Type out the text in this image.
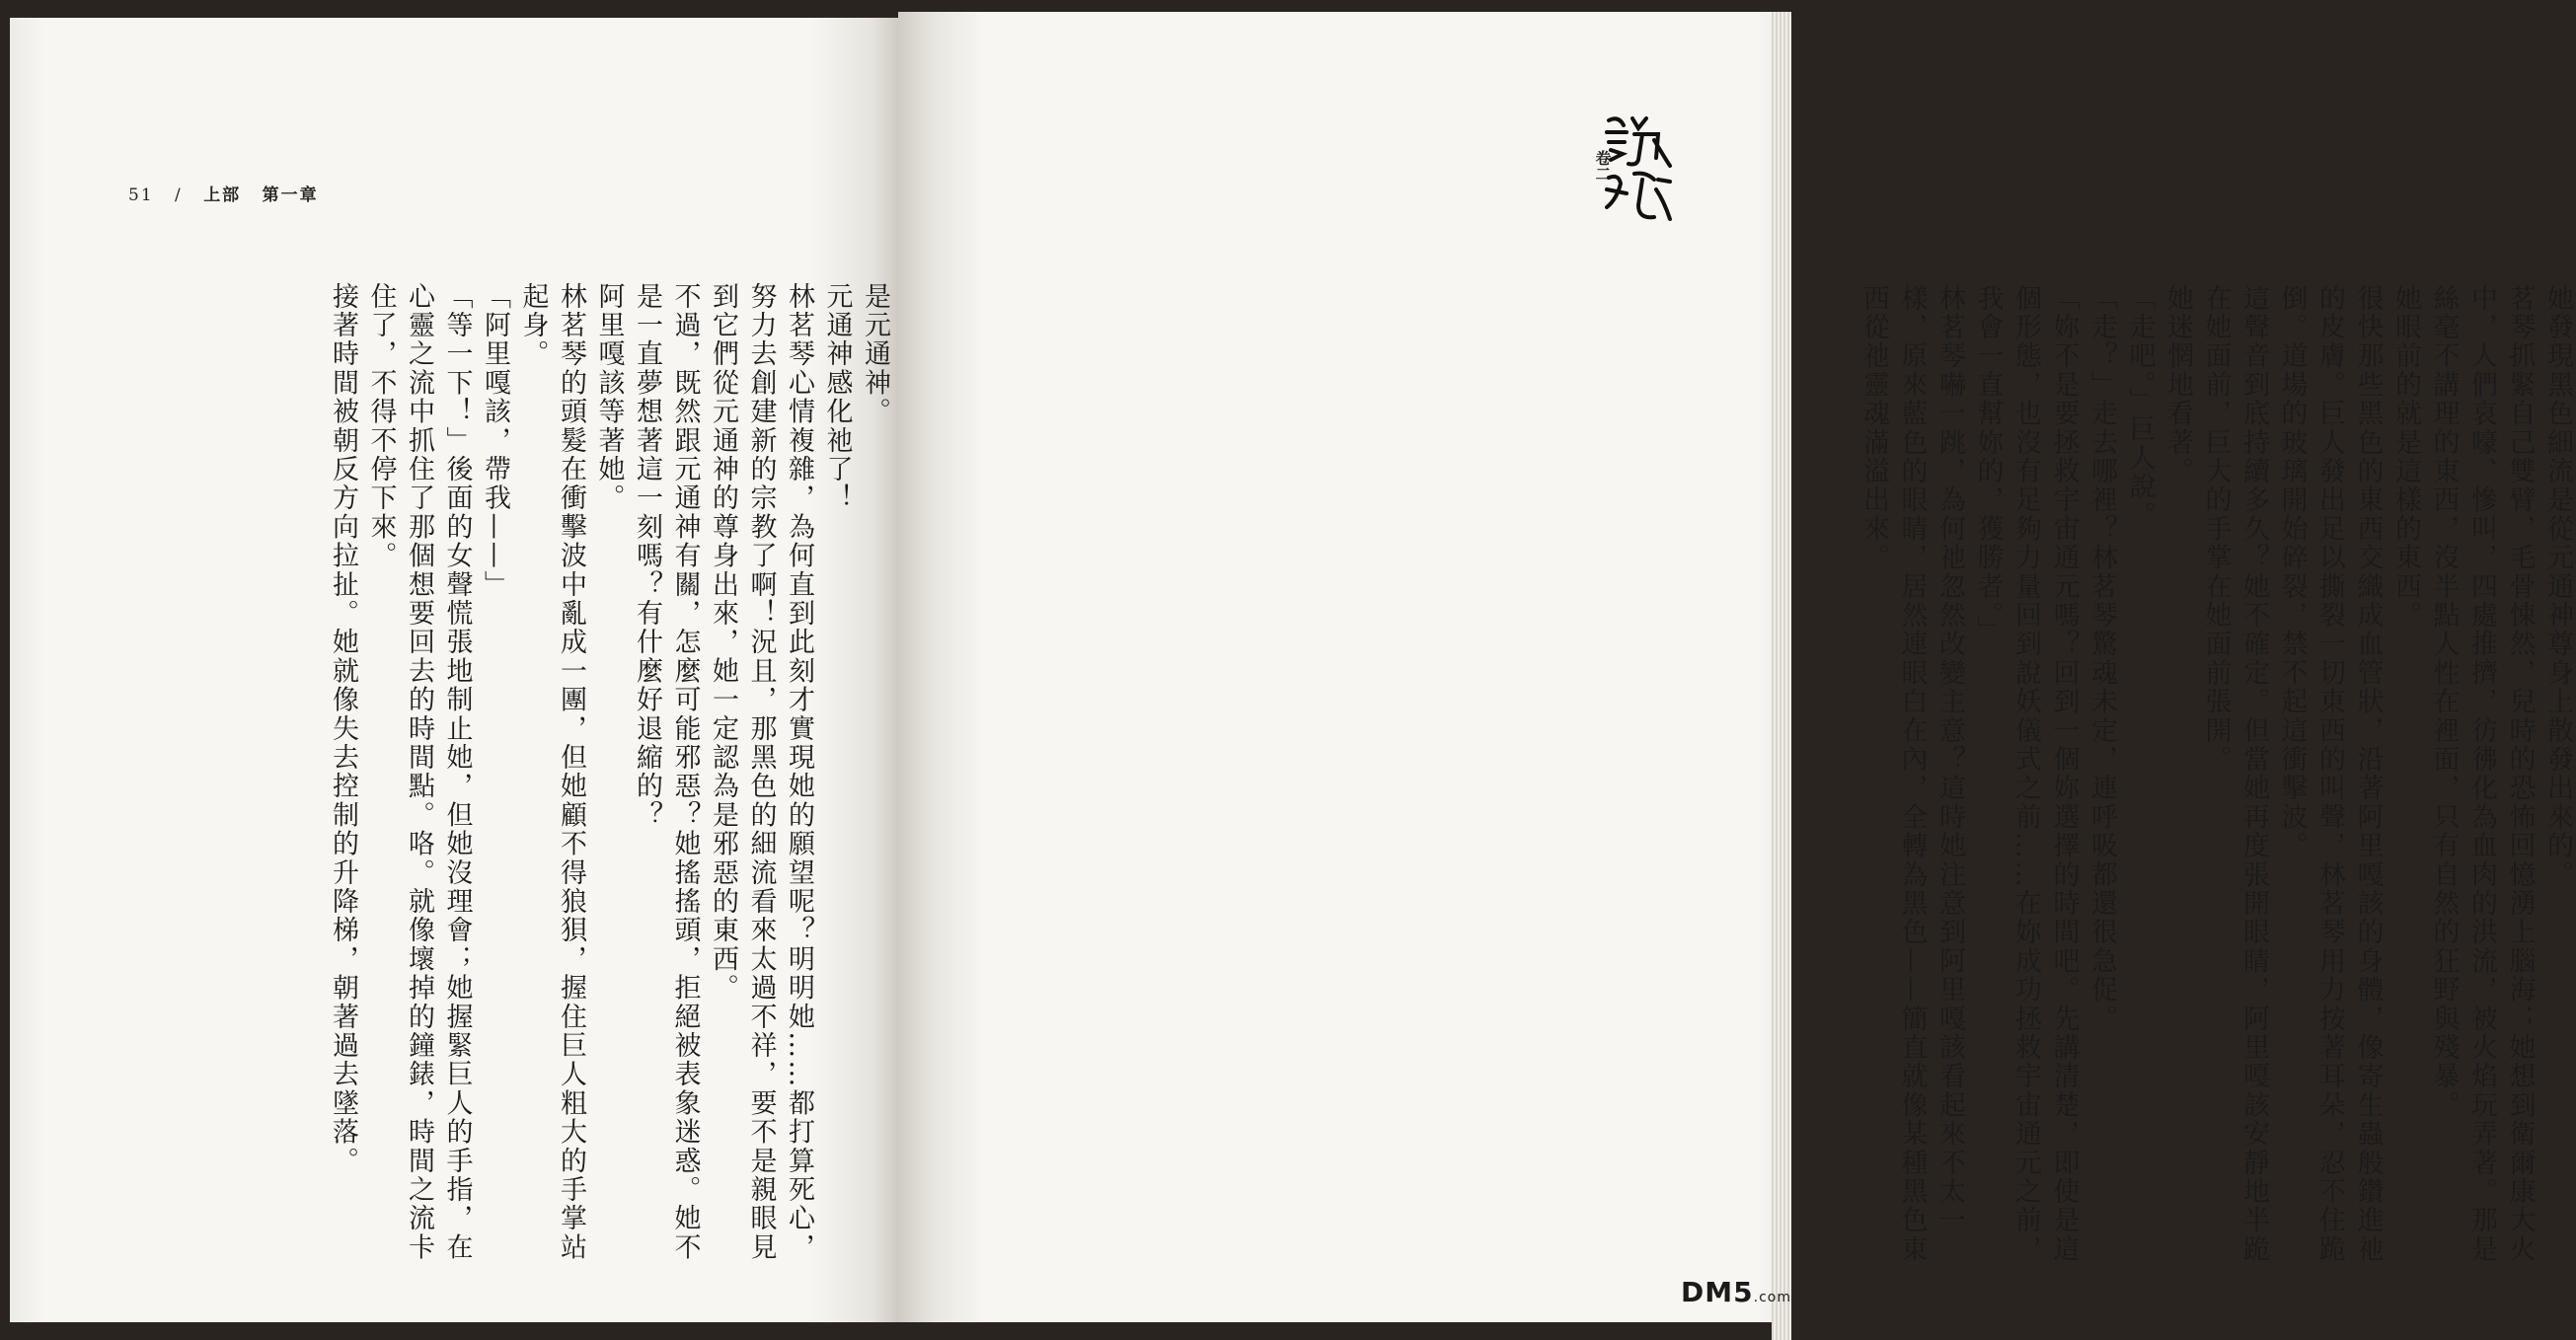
51 / 上部 第一章

是元通神。

元通神感化祂了！

林茗琴心情複雜，為何直到此刻才實現她的願望呢？明明她……都打算死心，努力去創建新的宗教了啊！況且，那黑色的細流看來太過不祥，要不是親眼見到它們從元通神的尊身出來，她一定認為是邪惡的東西。

不過，既然跟元通神有關，怎麼可能邪惡？她搖搖頭，拒絕被表象迷惑。她不是一直夢想著這一刻嗎？有什麼好退縮的？

阿里嘎該等著她。

林茗琴的頭髮在衝擊波中亂成一團，但她顧不得狼狽，握住巨人粗大的手掌站起身。

「阿里嘎該，帶我——」

「等一下！」後面的女聲慌張地制止她，但她沒理會；她握緊巨人的手指，在心靈之流中抓住了那個想要回去的時間點。咯。就像壞掉的鐘錶，時間之流卡住了，不得不停下來。

接著時間被朝反方向拉扯。她就像失去控制的升降梯，朝著過去墜落。

卷二

她發現黑色細流是從元通神尊身上散發出來的。

茗琴抓緊自己雙臂，毛骨悚然，兒時的恐怖回憶湧上腦海；她想到衛爾康大火中，人們哀嚎、慘叫，四處推擠，彷彿化為血肉的洪流，被火焰玩弄著。那是絲毫不講理的東西，沒半點人性在裡面，只有自然的狂野與殘暴。

她眼前的就是這樣的東西。

很快那些黑色的東西交織成血管狀，沿著阿里嘎該的身體，像寄生蟲般鑽進祂的皮膚。巨人發出足以撕裂一切東西的叫聲，林茗琴用力按著耳朵，忍不住跪倒。道場的玻璃開始碎裂，禁不起這衝擊波。

這聲音到底持續多久？她不確定。但當她再度張開眼睛，阿里嘎該安靜地半跪在她面前，巨大的手掌在她面前張開。

她迷惘地看著。

「走吧。」巨人說。

「走？」走去哪裡？林茗琴驚魂未定，連呼吸都還很急促。

「妳不是要拯救宇宙通元嗎？回到一個妳選擇的時間吧。先講清楚，即使是這個形態，也沒有足夠力量回到說妖儀式之前……在妳成功拯救宇宙通元之前，我會一直幫妳的，獲勝者。」

林茗琴嚇一跳，為何祂忽然改變主意？這時她注意到阿里嘎該看起來不太一樣，原來藍色的眼睛，居然連眼白在內，全轉為黑色——簡直就像某種黑色東西從祂靈魂滿溢出來。

DM5.com
